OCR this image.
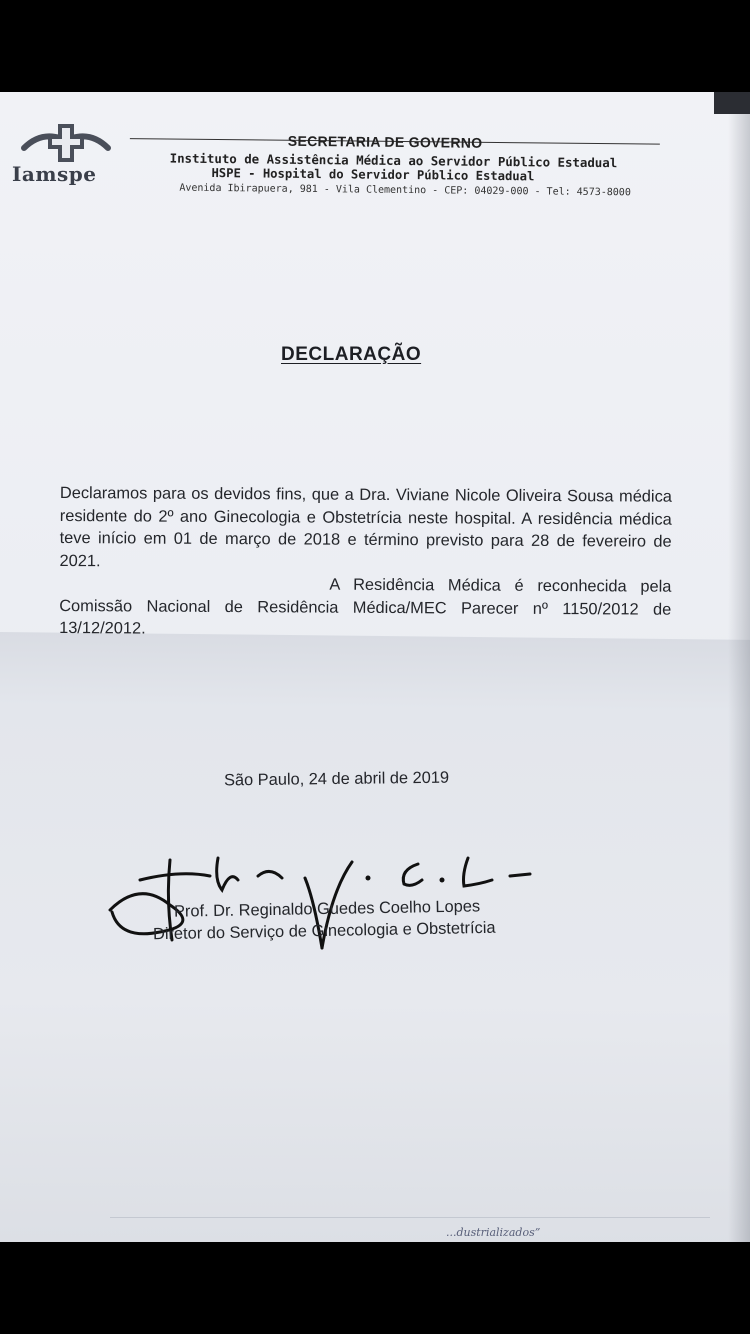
Iamspe
SECRETARIA DE GOVERNO
Instituto de Assistência Médica ao Servidor Público Estadual
HSPE - Hospital do Servidor Público Estadual
Avenida Ibirapuera, 981 - Vila Clementino - CEP: 04029-000 - Tel: 4573-8000
DECLARAÇÃO

Declaramos para os devidos fins, que a Dra. Viviane Nicole Oliveira Sousa médica residente do 2º ano Ginecologia e Obstetrícia neste hospital. A residência médica teve início em 01 de março de 2018 e término previsto para 28 de fevereiro de 2021.

A Residência Médica é reconhecida pela Comissão Nacional de Residência Médica/MEC Parecer nº 1150/2012 de 13/12/2012.

São Paulo, 24 de abril de 2019
Prof. Dr. Reginaldo Guedes Coelho Lopes
Diretor do Serviço de Ginecologia e Obstetrícia
...dustrializados”
